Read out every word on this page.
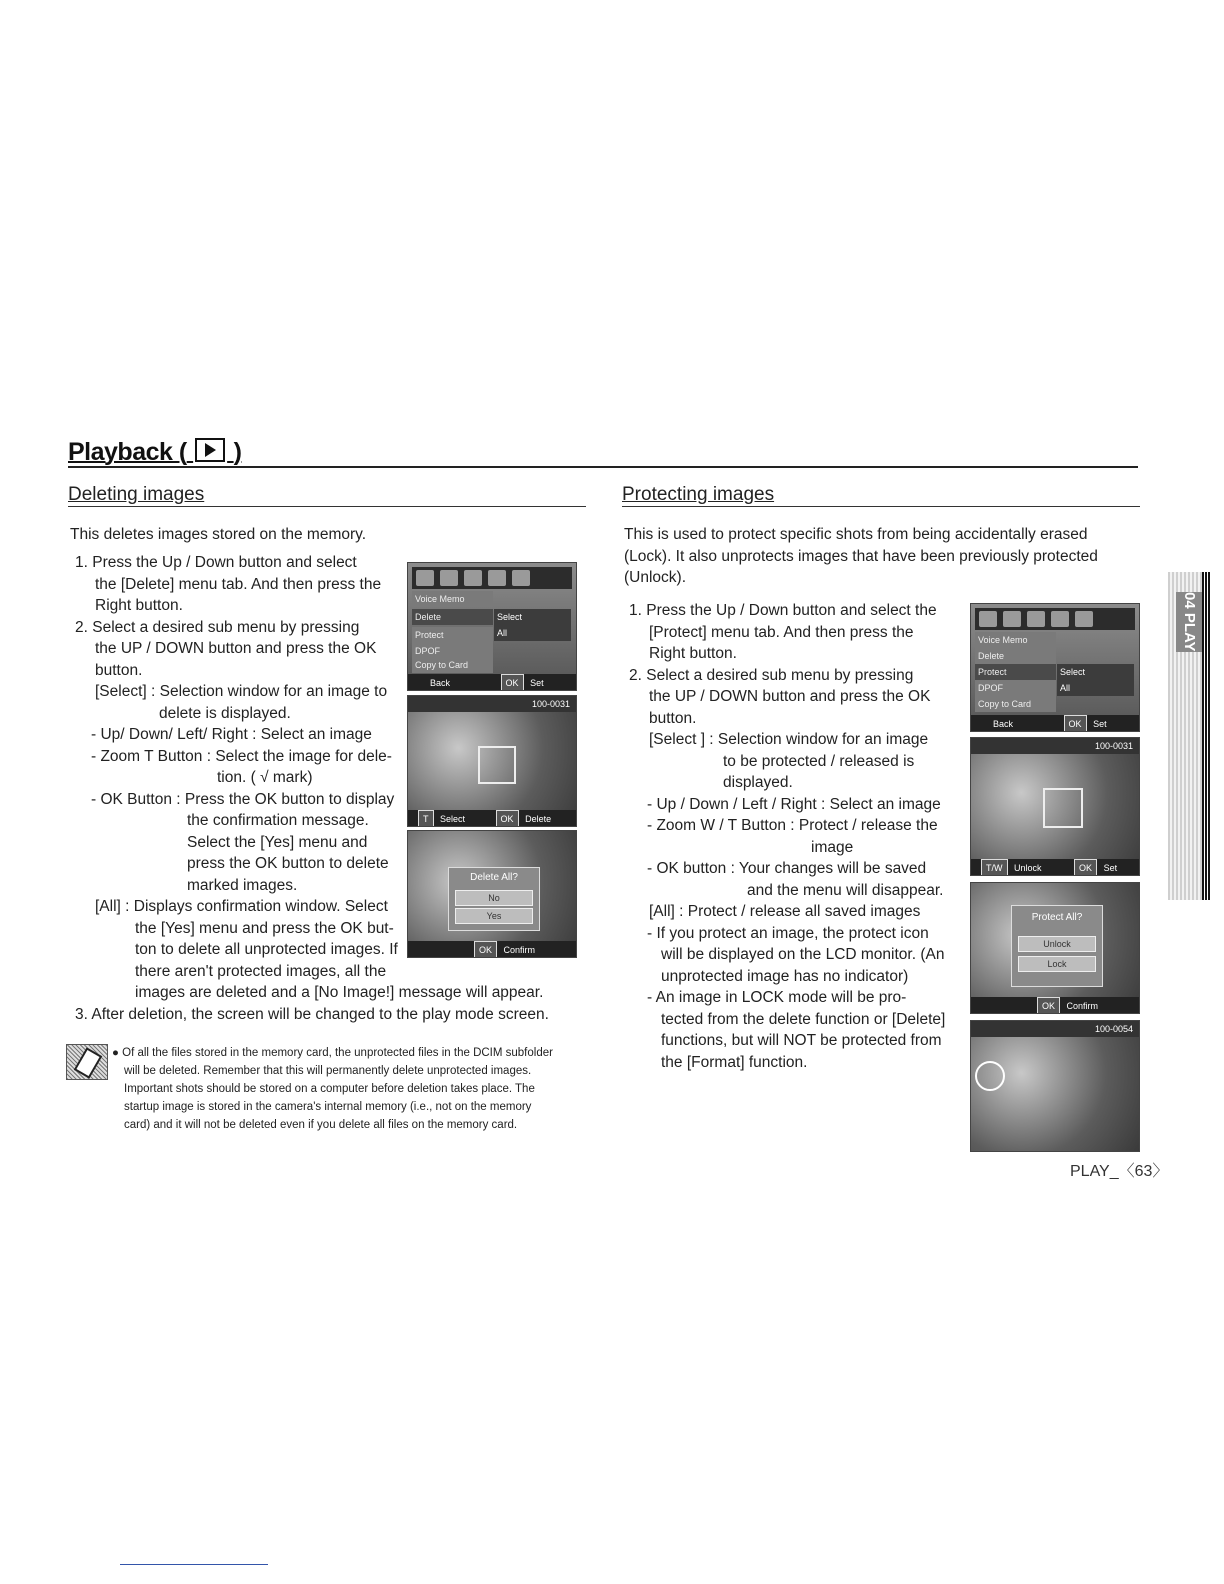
Playback ( )
Deleting images
This deletes images stored on the memory.

1. Press the Up / Down button and select

the [Delete] menu tab. And then press the

Right button.

2. Select a desired sub menu by pressing

the UP / DOWN button and press the OK

button.

[Select] : Selection window for an image to

delete is displayed.

- Up/ Down/ Left/ Right : Select an image

- Zoom T Button : Select the image for dele-

tion. ( √ mark)

- OK Button : Press the OK button to display

the confirmation message.

Select the [Yes] menu and

press the OK button to delete

marked images.

[All] : Displays confirmation window. Select

the [Yes] menu and press the OK but-

ton to delete all unprotected images. If

there aren't protected images, all the

images are deleted and a [No Image!] message will appear.
3. After deletion, the screen will be changed to the play mode screen.
● Of all the files stored in the memory card, the unprotected files in the DCIM subfolder
will be deleted. Remember that this will permanently delete unprotected images.
Important shots should be stored on a computer before deletion takes place. The
startup image is stored in the camera's internal memory (i.e., not on the memory
card) and it will not be deleted even if you delete all files on the memory card.
Voice Memo
Delete
Protect
DPOF
Copy to Card
Select
All
Back	OK Set
100-0031
T Select	OK Delete
Delete All?
No
Yes
OK Confirm
Protecting images

This is used to protect specific shots from being accidentally erased

(Lock). It also unprotects images that have been previously protected

(Unlock).

1. Press the Up / Down button and select the

[Protect] menu tab. And then press the

Right button.

2. Select a desired sub menu by pressing

the UP / DOWN button and press the OK

button.

[Select ] : Selection window for an image

to be protected / released is

displayed.

- Up / Down / Left / Right : Select an image

- Zoom W / T Button : Protect / release the

image

- OK button : Your changes will be saved

and the menu will disappear.

[All] : Protect / release all saved images

- If you protect an image, the protect icon

will be displayed on the LCD monitor. (An

unprotected image has no indicator)

- An image in LOCK mode will be pro-

tected from the delete function or [Delete]

functions, but will NOT be protected from

the [Format] function.

Voice Memo
Delete
Protect
DPOF
Copy to Card
Select
All
Back	OK Set
100-0031
T/W Unlock	OK Set
Protect All?
Unlock
Lock
OK Confirm
100-0054
04 PLAY
PLAY_〈63〉
